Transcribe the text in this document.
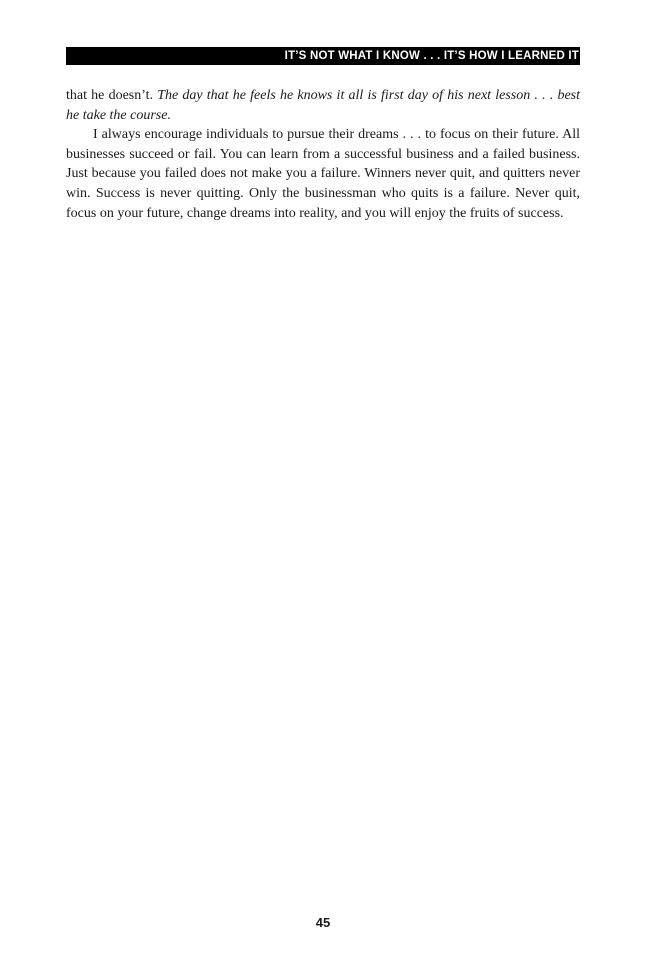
IT’S NOT WHAT I KNOW . . . IT’S HOW I LEARNED IT

that he doesn’t. The day that he feels he knows it all is first day of his next lesson . . . best he take the course.

I always encourage individuals to pursue their dreams . . . to focus on their future. All businesses succeed or fail. You can learn from a successful business and a failed business. Just because you failed does not make you a failure. Winners never quit, and quitters never win. Success is never quitting. Only the businessman who quits is a failure. Never quit, focus on your future, change dreams into reality, and you will enjoy the fruits of success.

45
